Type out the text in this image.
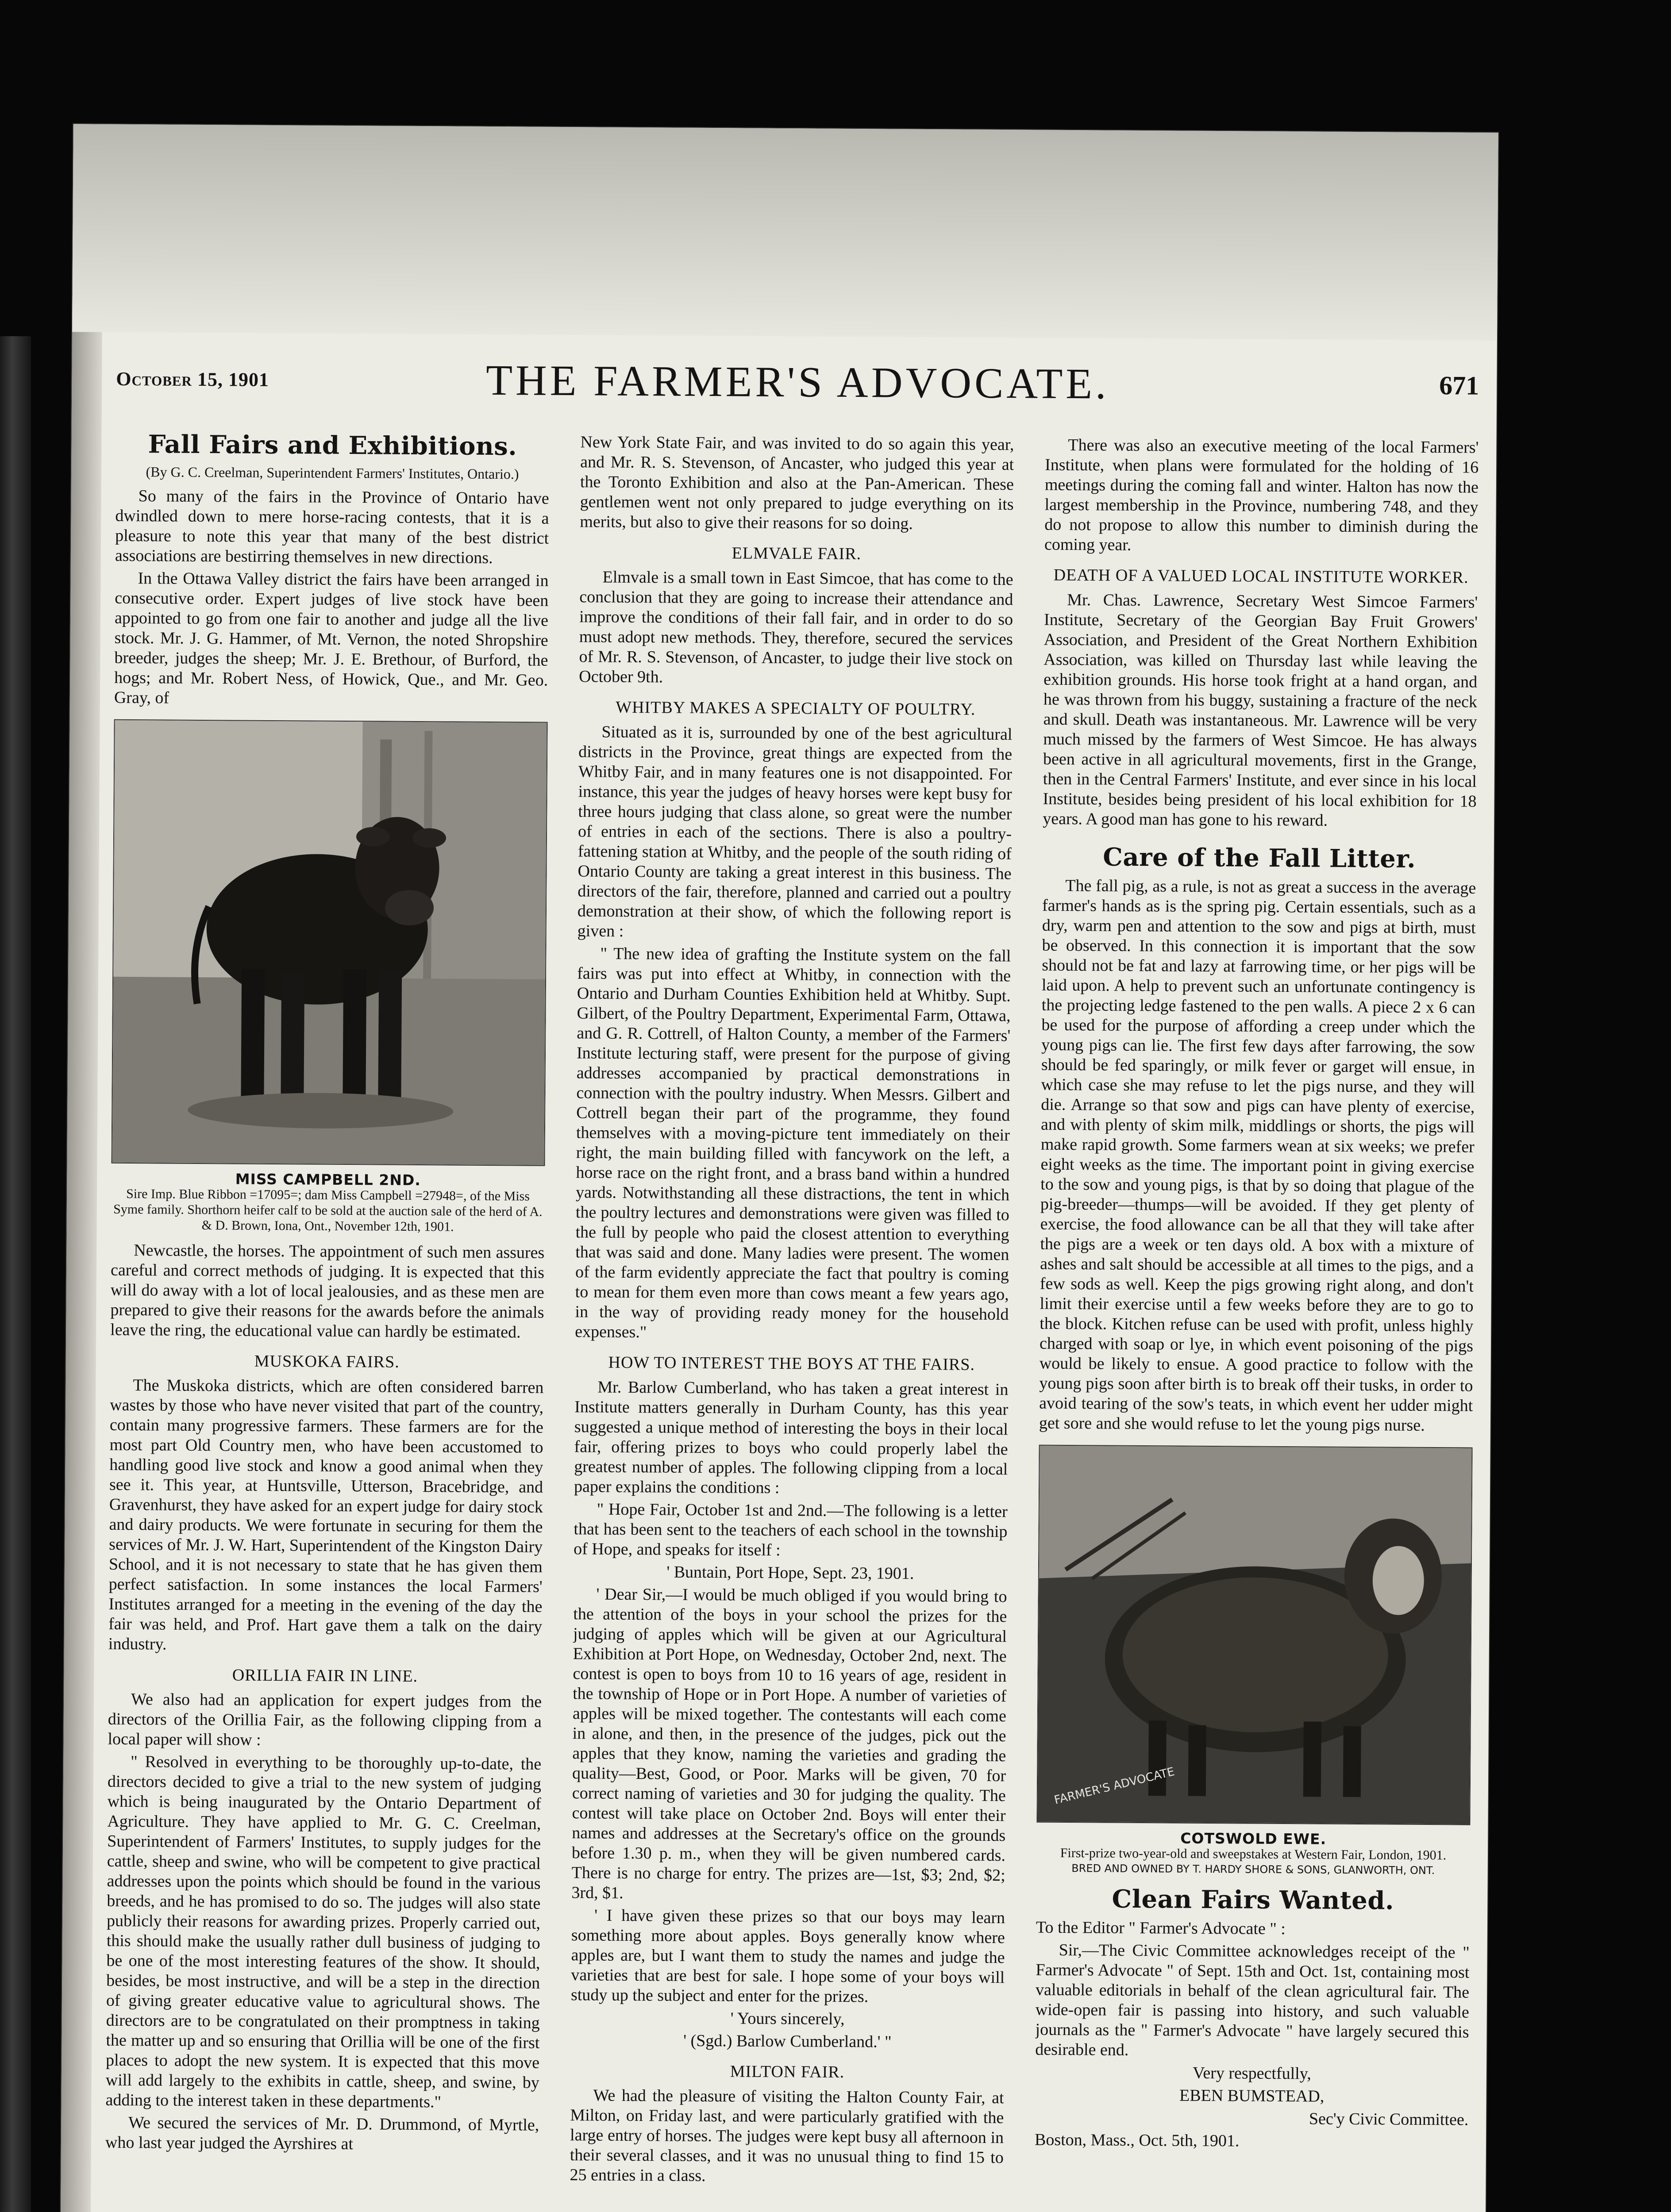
October 15, 1901	THE FARMER'S ADVOCATE.	671
Fall Fairs and Exhibitions.
(By G. C. Creelman, Superintendent Farmers' Institutes, Ontario.)

So many of the fairs in the Province of Ontario have dwindled down to mere horse-racing contests, that it is a pleasure to note this year that many of the best district associations are bestirring themselves in new directions.

In the Ottawa Valley district the fairs have been arranged in consecutive order. Expert judges of live stock have been appointed to go from one fair to another and judge all the live stock. Mr. J. G. Hammer, of Mt. Vernon, the noted Shropshire breeder, judges the sheep; Mr. J. E. Brethour, of Burford, the hogs; and Mr. Robert Ness, of Howick, Que., and Mr. Geo. Gray, of

MISS CAMPBELL 2ND.
Sire Imp. Blue Ribbon =17095=; dam Miss Campbell =27948=, of the Miss Syme family. Shorthorn heifer calf to be sold at the auction sale of the herd of A. & D. Brown, Iona, Ont., November 12th, 1901.

Newcastle, the horses. The appointment of such men assures careful and correct methods of judging. It is expected that this will do away with a lot of local jealousies, and as these men are prepared to give their reasons for the awards before the animals leave the ring, the educational value can hardly be estimated.

MUSKOKA FAIRS.

The Muskoka districts, which are often considered barren wastes by those who have never visited that part of the country, contain many progressive farmers. These farmers are for the most part Old Country men, who have been accustomed to handling good live stock and know a good animal when they see it. This year, at Huntsville, Utterson, Bracebridge, and Gravenhurst, they have asked for an expert judge for dairy stock and dairy products. We were fortunate in securing for them the services of Mr. J. W. Hart, Superintendent of the Kingston Dairy School, and it is not necessary to state that he has given them perfect satisfaction. In some instances the local Farmers' Institutes arranged for a meeting in the evening of the day the fair was held, and Prof. Hart gave them a talk on the dairy industry.

ORILLIA FAIR IN LINE.

We also had an application for expert judges from the directors of the Orillia Fair, as the following clipping from a local paper will show :

" Resolved in everything to be thoroughly up-to-date, the directors decided to give a trial to the new system of judging which is being inaugurated by the Ontario Department of Agriculture. They have applied to Mr. G. C. Creelman, Superintendent of Farmers' Institutes, to supply judges for the cattle, sheep and swine, who will be competent to give practical addresses upon the points which should be found in the various breeds, and he has promised to do so. The judges will also state publicly their reasons for awarding prizes. Properly carried out, this should make the usually rather dull business of judging to be one of the most interesting features of the show. It should, besides, be most instructive, and will be a step in the direction of giving greater educative value to agricultural shows. The directors are to be congratulated on their promptness in taking the matter up and so ensuring that Orillia will be one of the first places to adopt the new system. It is expected that this move will add largely to the exhibits in cattle, sheep, and swine, by adding to the interest taken in these departments."

We secured the services of Mr. D. Drummond, of Myrtle, who last year judged the Ayrshires at

New York State Fair, and was invited to do so again this year, and Mr. R. S. Stevenson, of Ancaster, who judged this year at the Toronto Exhibition and also at the Pan-American. These gentlemen went not only prepared to judge everything on its merits, but also to give their reasons for so doing.

ELMVALE FAIR.

Elmvale is a small town in East Simcoe, that has come to the conclusion that they are going to increase their attendance and improve the conditions of their fall fair, and in order to do so must adopt new methods. They, therefore, secured the services of Mr. R. S. Stevenson, of Ancaster, to judge their live stock on October 9th.

WHITBY MAKES A SPECIALTY OF POULTRY.

Situated as it is, surrounded by one of the best agricultural districts in the Province, great things are expected from the Whitby Fair, and in many features one is not disappointed. For instance, this year the judges of heavy horses were kept busy for three hours judging that class alone, so great were the number of entries in each of the sections. There is also a poultry-fattening station at Whitby, and the people of the south riding of Ontario County are taking a great interest in this business. The directors of the fair, therefore, planned and carried out a poultry demonstration at their show, of which the following report is given :

" The new idea of grafting the Institute system on the fall fairs was put into effect at Whitby, in connection with the Ontario and Durham Counties Exhibition held at Whitby. Supt. Gilbert, of the Poultry Department, Experimental Farm, Ottawa, and G. R. Cottrell, of Halton County, a member of the Farmers' Institute lecturing staff, were present for the purpose of giving addresses accompanied by practical demonstrations in connection with the poultry industry. When Messrs. Gilbert and Cottrell began their part of the programme, they found themselves with a moving-picture tent immediately on their right, the main building filled with fancywork on the left, a horse race on the right front, and a brass band within a hundred yards. Notwithstanding all these distractions, the tent in which the poultry lectures and demonstrations were given was filled to the full by people who paid the closest attention to everything that was said and done. Many ladies were present. The women of the farm evidently appreciate the fact that poultry is coming to mean for them even more than cows meant a few years ago, in the way of providing ready money for the household expenses."

HOW TO INTEREST THE BOYS AT THE FAIRS.

Mr. Barlow Cumberland, who has taken a great interest in Institute matters generally in Durham County, has this year suggested a unique method of interesting the boys in their local fair, offering prizes to boys who could properly label the greatest number of apples. The following clipping from a local paper explains the conditions :

" Hope Fair, October 1st and 2nd.—The following is a letter that has been sent to the teachers of each school in the township of Hope, and speaks for itself :

' Buntain, Port Hope, Sept. 23, 1901.

' Dear Sir,—I would be much obliged if you would bring to the attention of the boys in your school the prizes for the judging of apples which will be given at our Agricultural Exhibition at Port Hope, on Wednesday, October 2nd, next. The contest is open to boys from 10 to 16 years of age, resident in the township of Hope or in Port Hope. A number of varieties of apples will be mixed together. The contestants will each come in alone, and then, in the presence of the judges, pick out the apples that they know, naming the varieties and grading the quality—Best, Good, or Poor. Marks will be given, 70 for correct naming of varieties and 30 for judging the quality. The contest will take place on October 2nd. Boys will enter their names and addresses at the Secretary's office on the grounds before 1.30 p. m., when they will be given numbered cards. There is no charge for entry. The prizes are—1st, $3; 2nd, $2; 3rd, $1.

' I have given these prizes so that our boys may learn something more about apples. Boys generally know where apples are, but I want them to study the names and judge the varieties that are best for sale. I hope some of your boys will study up the subject and enter for the prizes.

' Yours sincerely,

' (Sgd.) Barlow Cumberland.' "

MILTON FAIR.

We had the pleasure of visiting the Halton County Fair, at Milton, on Friday last, and were particularly gratified with the large entry of horses. The judges were kept busy all afternoon in their several classes, and it was no unusual thing to find 15 to 25 entries in a class.

There was also an executive meeting of the local Farmers' Institute, when plans were formulated for the holding of 16 meetings during the coming fall and winter. Halton has now the largest membership in the Province, numbering 748, and they do not propose to allow this number to diminish during the coming year.

DEATH OF A VALUED LOCAL INSTITUTE WORKER.

Mr. Chas. Lawrence, Secretary West Simcoe Farmers' Institute, Secretary of the Georgian Bay Fruit Growers' Association, and President of the Great Northern Exhibition Association, was killed on Thursday last while leaving the exhibition grounds. His horse took fright at a hand organ, and he was thrown from his buggy, sustaining a fracture of the neck and skull. Death was instantaneous. Mr. Lawrence will be very much missed by the farmers of West Simcoe. He has always been active in all agricultural movements, first in the Grange, then in the Central Farmers' Institute, and ever since in his local Institute, besides being president of his local exhibition for 18 years. A good man has gone to his reward.

Care of the Fall Litter.

The fall pig, as a rule, is not as great a success in the average farmer's hands as is the spring pig. Certain essentials, such as a dry, warm pen and attention to the sow and pigs at birth, must be observed. In this connection it is important that the sow should not be fat and lazy at farrowing time, or her pigs will be laid upon. A help to prevent such an unfortunate contingency is the projecting ledge fastened to the pen walls. A piece 2 x 6 can be used for the purpose of affording a creep under which the young pigs can lie. The first few days after farrowing, the sow should be fed sparingly, or milk fever or garget will ensue, in which case she may refuse to let the pigs nurse, and they will die. Arrange so that sow and pigs can have plenty of exercise, and with plenty of skim milk, middlings or shorts, the pigs will make rapid growth. Some farmers wean at six weeks; we prefer eight weeks as the time. The important point in giving exercise to the sow and young pigs, is that by so doing that plague of the pig-breeder—thumps—will be avoided. If they get plenty of exercise, the food allowance can be all that they will take after the pigs are a week or ten days old. A box with a mixture of ashes and salt should be accessible at all times to the pigs, and a few sods as well. Keep the pigs growing right along, and don't limit their exercise until a few weeks before they are to go to the block. Kitchen refuse can be used with profit, unless highly charged with soap or lye, in which event poisoning of the pigs would be likely to ensue. A good practice to follow with the young pigs soon after birth is to break off their tusks, in order to avoid tearing of the sow's teats, in which event her udder might get sore and she would refuse to let the young pigs nurse.

FARMER'S ADVOCATE
COTSWOLD EWE.
First-prize two-year-old and sweepstakes at Western Fair, London, 1901.
BRED AND OWNED BY T. HARDY SHORE & SONS, GLANWORTH, ONT.
Clean Fairs Wanted.

To the Editor " Farmer's Advocate " :

Sir,—The Civic Committee acknowledges receipt of the " Farmer's Advocate " of Sept. 15th and Oct. 1st, containing most valuable editorials in behalf of the clean agricultural fair. The wide-open fair is passing into history, and such valuable journals as the " Farmer's Advocate " have largely secured this desirable end.

Very respectfully,

EBEN BUMSTEAD,

Sec'y Civic Committee.

Boston, Mass., Oct. 5th, 1901.
